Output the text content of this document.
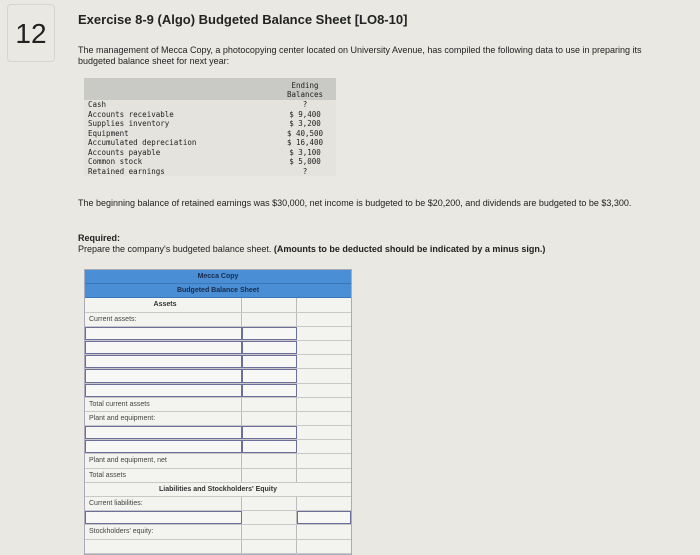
12	Exercise 8-9 (Algo) Budgeted Balance Sheet [LO8-10]
The management of Mecca Copy, a photocopying center located on University Avenue, has compiled the following data to use in preparing its budgeted balance sheet for next year:
Ending Balances
Cash	?
Accounts receivable	$ 9,400
Supplies inventory	$ 3,200
Equipment	$ 40,500
Accumulated depreciation	$ 16,400
Accounts payable	$ 3,100
Common stock	$ 5,000
Retained earnings	?
The beginning balance of retained earnings was $30,000, net income is budgeted to be $20,200, and dividends are budgeted to be $3,300.
Required:
Prepare the company's budgeted balance sheet. (Amounts to be deducted should be indicated by a minus sign.)
Mecca Copy
Budgeted Balance Sheet
Assets
Current assets:
Total current assets
Plant and equipment:
Plant and equipment, net
Total assets
Liabilities and Stockholders' Equity
Current liabilities:
Stockholders' equity:
